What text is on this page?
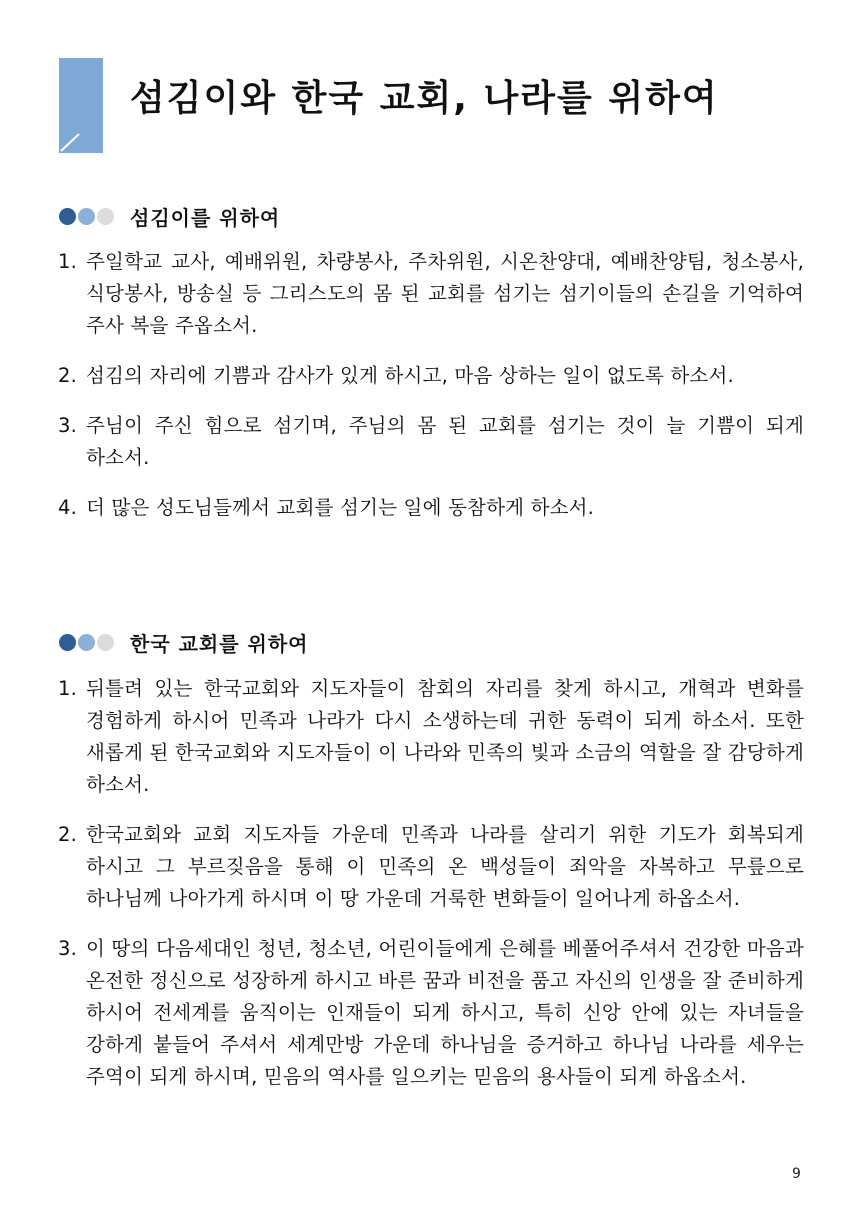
섬김이와 한국 교회, 나라를 위하여
섬김이를 위하여
1. 주일학교 교사, 예배위원, 차량봉사, 주차위원, 시온찬양대, 예배찬양팀, 청소봉사, 식당봉사, 방송실 등 그리스도의 몸 된 교회를 섬기는 섬기이들의 손길을 기억하여 주사 복을 주옵소서.
2. 섬김의 자리에 기쁨과 감사가 있게 하시고, 마음 상하는 일이 없도록 하소서.
3. 주님이 주신 힘으로 섬기며, 주님의 몸 된 교회를 섬기는 것이 늘 기쁨이 되게 하소서.
4. 더 많은 성도님들께서 교회를 섬기는 일에 동참하게 하소서.
한국 교회를 위하여
1. 뒤틀려 있는 한국교회와 지도자들이 참회의 자리를 찾게 하시고, 개혁과 변화를 경험하게 하시어 민족과 나라가 다시 소생하는데 귀한 동력이 되게 하소서. 또한 새롭게 된 한국교회와 지도자들이 이 나라와 민족의 빛과 소금의 역할을 잘 감당하게 하소서.
2. 한국교회와 교회 지도자들 가운데 민족과 나라를 살리기 위한 기도가 회복되게 하시고 그 부르짖음을 통해 이 민족의 온 백성들이 죄악을 자복하고 무릎으로 하나님께 나아가게 하시며 이 땅 가운데 거룩한 변화들이 일어나게 하옵소서.
3. 이 땅의 다음세대인 청년, 청소년, 어린이들에게 은혜를 베풀어주셔서 건강한 마음과 온전한 정신으로 성장하게 하시고 바른 꿈과 비전을 품고 자신의 인생을 잘 준비하게 하시어 전세계를 움직이는 인재들이 되게 하시고, 특히 신앙 안에 있는 자녀들을 강하게 붙들어 주셔서 세계만방 가운데 하나님을 증거하고 하나님 나라를 세우는 주역이 되게 하시며, 믿음의 역사를 일으키는 믿음의 용사들이 되게 하옵소서.
9
